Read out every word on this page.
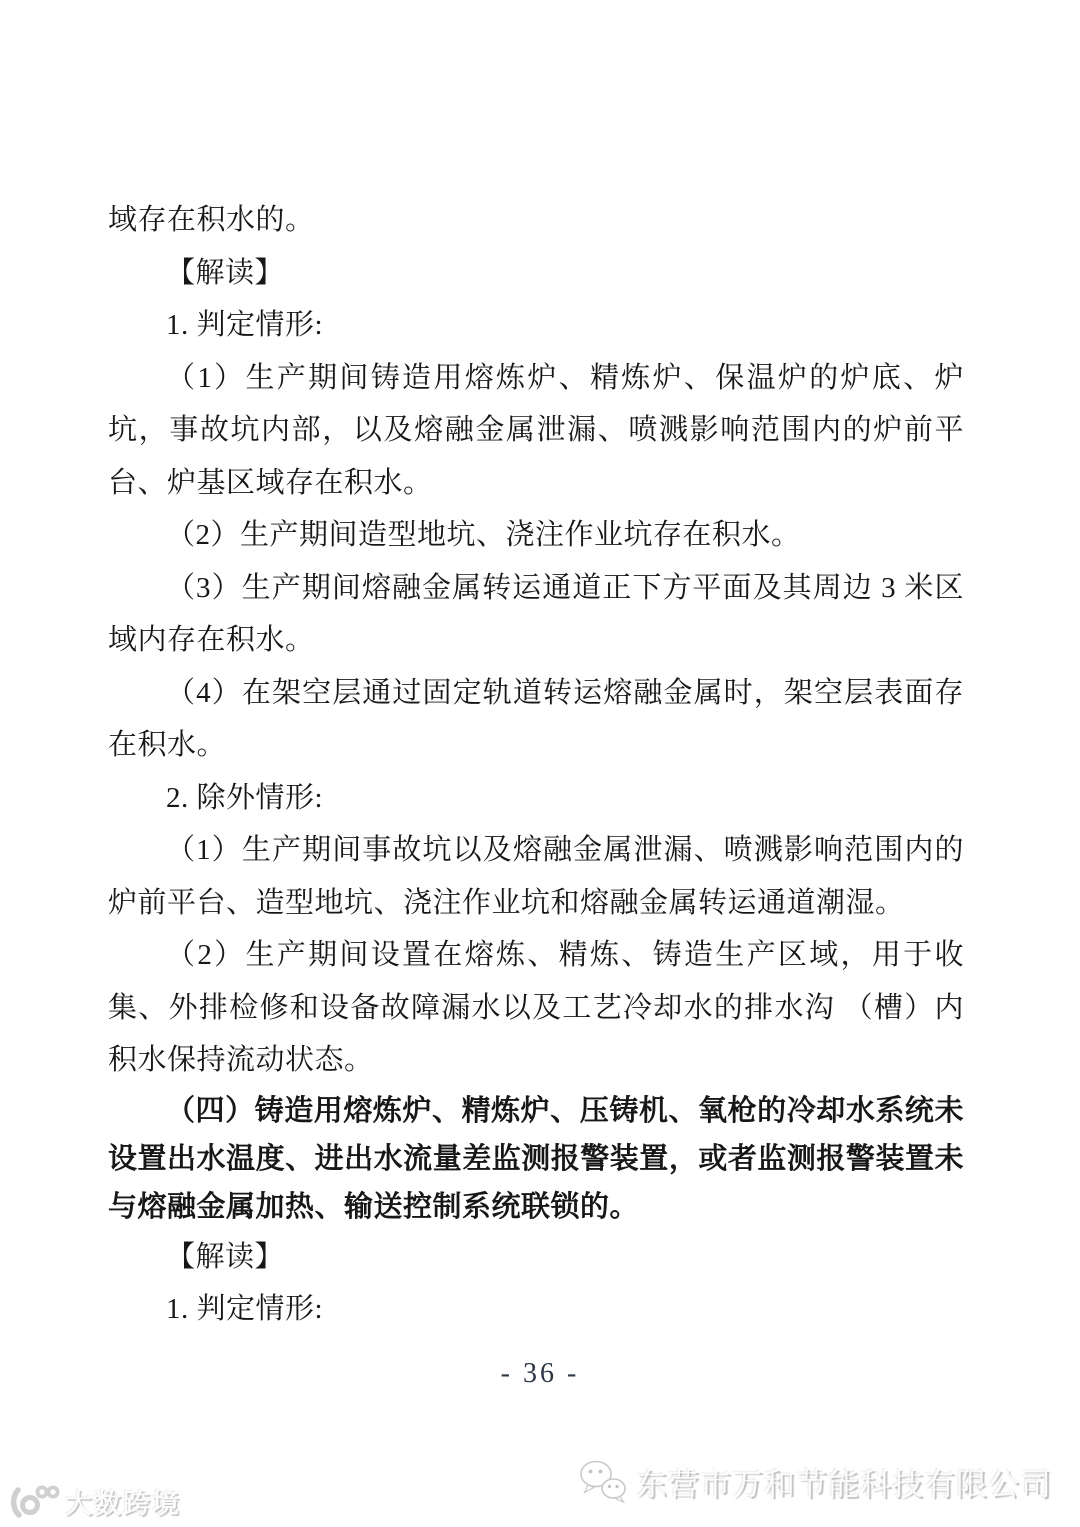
域存在积水的。

【解读】

1. 判定情形:

（1）生产期间铸造用熔炼炉、精炼炉、保温炉的炉底、炉坑，事故坑内部，以及熔融金属泄漏、喷溅影响范围内的炉前平台、炉基区域存在积水。

（2）生产期间造型地坑、浇注作业坑存在积水。

（3）生产期间熔融金属转运通道正下方平面及其周边 3 米区域内存在积水。

（4）在架空层通过固定轨道转运熔融金属时，架空层表面存在积水。

2. 除外情形:

（1）生产期间事故坑以及熔融金属泄漏、喷溅影响范围内的炉前平台、造型地坑、浇注作业坑和熔融金属转运通道潮湿。

（2）生产期间设置在熔炼、精炼、铸造生产区域，用于收集、外排检修和设备故障漏水以及工艺冷却水的排水沟 （槽）内积水保持流动状态。

（四）铸造用熔炼炉、精炼炉、压铸机、氧枪的冷却水系统未设置出水温度、进出水流量差监测报警装置，或者监测报警装置未与熔融金属加热、输送控制系统联锁的。

【解读】

1. 判定情形:

- 36 -
东营市万和节能科技有限公司
大数跨境
